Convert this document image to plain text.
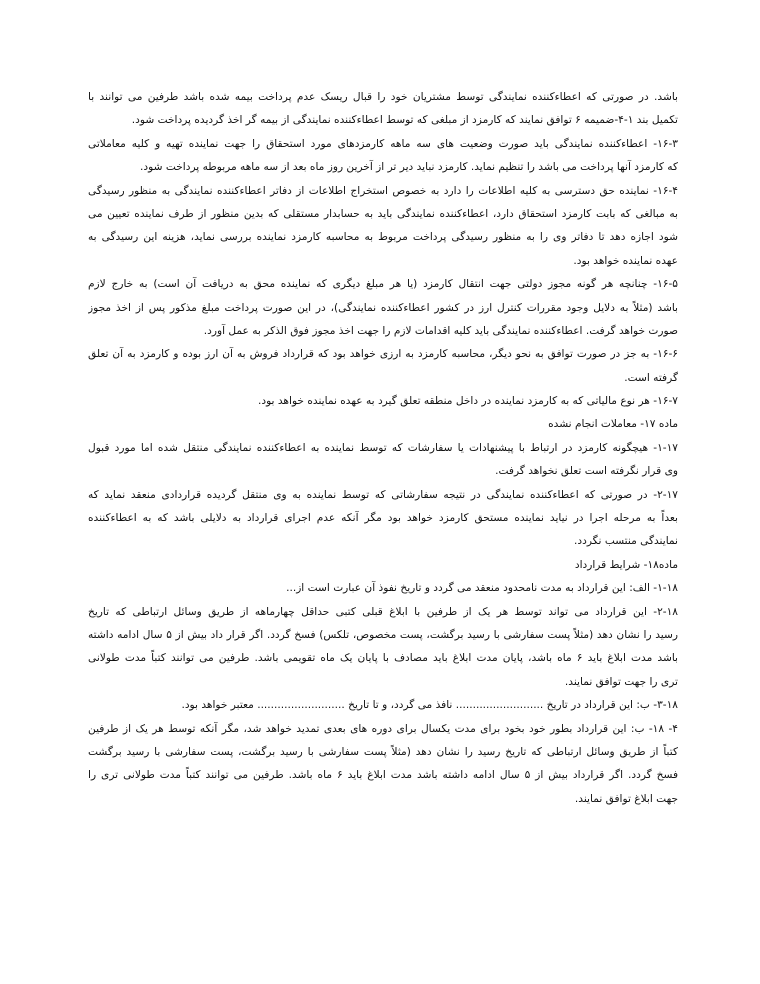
باشد. در صورتی که اعطاءکننده نمایندگی توسط مشتریان خود را قبال ریسک عدم پرداخت بیمه شده باشد طرفین می توانند با
تکمیل بند ۱-۴-ضمیمه ۶ توافق نمایند که کارمزد از مبلغی که توسط اعطاءکننده نمایندگی از بیمه گر اخذ گردیده پرداخت شود.
۱۶-۳- اعطاءکننده نمایندگی باید صورت وضعیت های سه ماهه کارمزدهای مورد استحقاق را جهت نماینده تهیه و کلیه معاملاتی
که کارمزد آنها پرداخت می باشد را تنظیم نماید. کارمزد نباید دیر تر از آخرین روز ماه بعد از سه ماهه مربوطه پرداخت شود.
۱۶-۴- نماینده حق دسترسی به کلیه اطلاعات را دارد به خصوص استخراج اطلاعات از دفاتر اعطاءکننده نمایندگی به منظور رسیدگی
به مبالغی که بابت کارمزد استحقاق دارد، اعطاءکننده نمایندگی باید به حسابدار مستقلی که بدین منظور از طرف نماینده تعیین می
شود اجازه دهد تا دفاتر وی را به منظور رسیدگی پرداخت مربوط به محاسبه کارمزد نماینده بررسی نماید، هزینه این رسیدگی به
عهده نماینده خواهد بود.
۱۶-۵- چنانچه هر گونه مجوز دولتی جهت انتقال کارمزد (یا هر مبلغ دیگری که نماینده محق به دریافت آن است) به خارج لازم
باشد (مثلاً به دلایل وجود مقررات کنترل ارز در کشور اعطاءکننده نمایندگی)، در این صورت پرداخت مبلغ مذکور پس از اخذ مجوز
صورت خواهد گرفت. اعطاءکننده نمایندگی باید کلیه اقدامات لازم را جهت اخذ مجوز فوق الذکر به عمل آورد.
۱۶-۶- به جز در صورت توافق به نحو دیگر، محاسبه کارمزد به ارزی خواهد بود که قرارداد فروش به آن ارز بوده و کارمزد به آن تعلق
گرفته است.
۱۶-۷- هر نوع مالیاتی که به کارمزد نماینده در داخل منطقه تعلق گیرد به عهده نماینده خواهد بود.
ماده ۱۷- معاملات انجام نشده
۱-۱۷- هیچگونه کارمزد در ارتباط با پیشنهادات یا سفارشات که توسط نماینده به اعطاءکننده نمایندگی منتقل شده اما مورد قبول
وی قرار نگرفته است تعلق نخواهد گرفت.
۲-۱۷- در صورتی که اعطاءکننده نمایندگی در نتیجه سفارشاتی که توسط نماینده به وی منتقل گردیده قراردادی منعقد نماید که
بعداً به مرحله اجرا در نیاید نماینده مستحق کارمزد خواهد بود مگر آنکه عدم اجرای قرارداد به دلایلی باشد که به اعطاءکننده
نمایندگی منتسب نگردد.
ماده۱۸- شرایط قرارداد
۱-۱۸- الف: این قرارداد به مدت نامحدود منعقد می گردد و تاریخ نفوذ آن عبارت است از...
۲-۱۸- این قرارداد می تواند توسط هر یک از طرفین با ابلاغ قبلی کتبی حداقل چهارماهه از طریق وسائل ارتباطی که تاریخ
رسید را نشان دهد (مثلاً پست سفارشی با رسید برگشت، پست مخصوص، تلکس) فسخ گردد. اگر قرار داد بیش از ۵ سال ادامه داشته
باشد مدت ابلاغ باید ۶ ماه باشد، پایان مدت ابلاغ باید مصادف با پایان یک ماه تقویمی باشد. طرفین می توانند کتباً مدت طولانی
تری را جهت توافق نمایند.
۳-۱۸- ب: این قرارداد در تاریخ .......................... نافذ می گردد، و تا تاریخ .......................... معتبر خواهد بود.
۴- ۱۸- ب: این قرارداد بطور خود بخود برای مدت یکسال برای دوره های بعدی تمدید خواهد شد، مگر آنکه توسط هر یک از طرفین
کتباً از طریق وسائل ارتباطی که تاریخ رسید را نشان دهد (مثلاً پست سفارشی با رسید برگشت، پست سفارشی با رسید برگشت
فسخ گردد. اگر قرارداد بیش از ۵ سال ادامه داشته باشد مدت ابلاغ باید ۶ ماه باشد. طرفین می توانند کتباً مدت طولانی تری را
جهت ابلاغ توافق نمایند.
